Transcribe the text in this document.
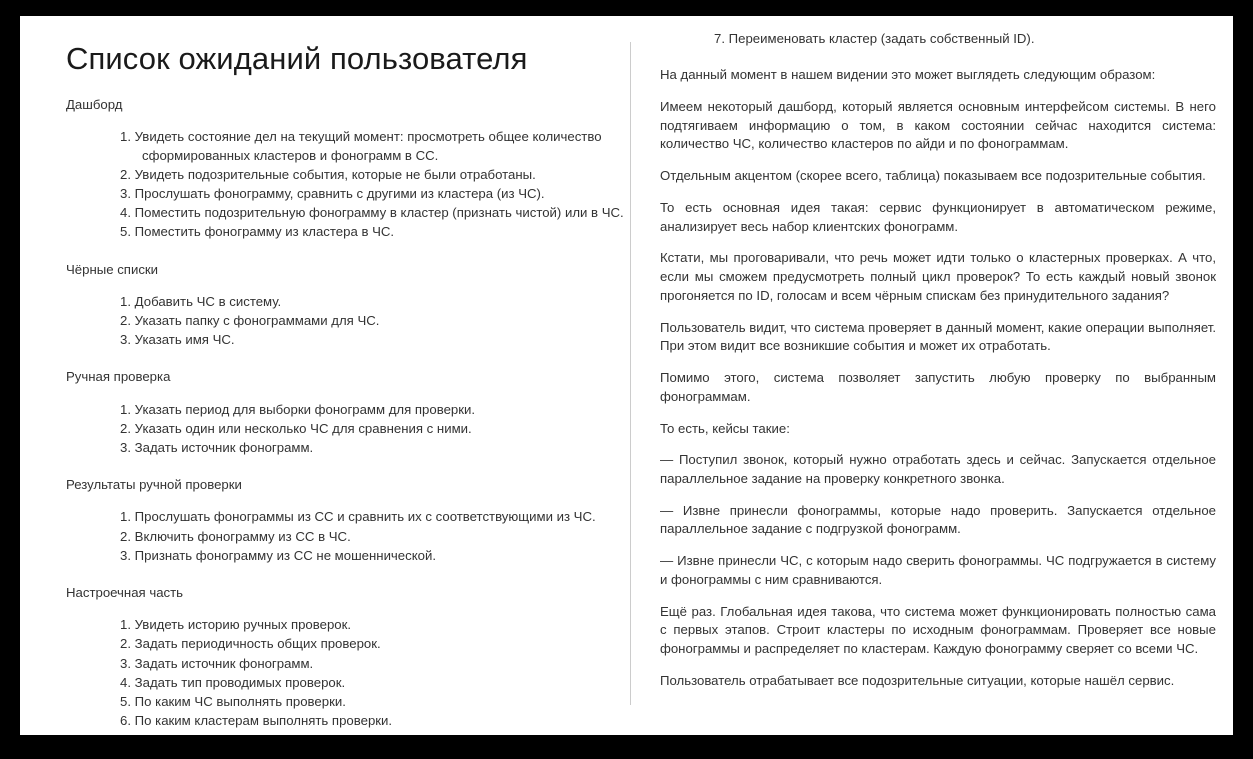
Список ожиданий пользователя
Дашборд
1. Увидеть состояние дел на текущий момент: просмотреть общее количество сформированных кластеров и фонограмм в СС.
2. Увидеть подозрительные события, которые не были отработаны.
3. Прослушать фонограмму, сравнить с другими из кластера (из ЧС).
4. Поместить подозрительную фонограмму в кластер (признать чистой) или в ЧС.
5. Поместить фонограмму из кластера в ЧС.
Чёрные списки
1. Добавить ЧС в систему.
2. Указать папку с фонограммами для ЧС.
3. Указать имя ЧС.
Ручная проверка
1. Указать период для выборки фонограмм для проверки.
2. Указать один или несколько ЧС для сравнения с ними.
3. Задать источник фонограмм.
Результаты ручной проверки
1. Прослушать фонограммы из СС и сравнить их с соответствующими из ЧС.
2. Включить фонограмму из СС в ЧС.
3. Признать фонограмму из СС не мошеннической.
Настроечная часть
1. Увидеть историю ручных проверок.
2. Задать периодичность общих проверок.
3. Задать источник фонограмм.
4. Задать тип проводимых проверок.
5. По каким ЧС выполнять проверки.
6. По каким кластерам выполнять проверки.
7. Переименовать кластер (задать собственный ID).

На данный момент в нашем видении это может выглядеть следующим образом:

Имеем некоторый дашборд, который является основным интерфейсом системы. В него подтягиваем информацию о том, в каком состоянии сейчас находится система: количество ЧС, количество кластеров по айди и по фонограммам.

Отдельным акцентом (скорее всего, таблица) показываем все подозрительные события.

То есть основная идея такая: сервис функционирует в автоматическом режиме, анализирует весь набор клиентских фонограмм.

Кстати, мы проговаривали, что речь может идти только о кластерных проверках. А что, если мы сможем предусмотреть полный цикл проверок? То есть каждый новый звонок прогоняется по ID, голосам и всем чёрным спискам без принудительного задания?

Пользователь видит, что система проверяет в данный момент, какие операции выполняет. При этом видит все возникшие события и может их отработать.

Помимо этого, система позволяет запустить любую проверку по выбранным фонограммам.

То есть, кейсы такие:

— Поступил звонок, который нужно отработать здесь и сейчас. Запускается отдельное параллельное задание на проверку конкретного звонка.

— Извне принесли фонограммы, которые надо проверить. Запускается отдельное параллельное задание с подгрузкой фонограмм.

— Извне принесли ЧС, с которым надо сверить фонограммы. ЧС подгружается в систему и фонограммы с ним сравниваются.

Ещё раз. Глобальная идея такова, что система может функционировать полностью сама с первых этапов. Строит кластеры по исходным фонограммам. Проверяет все новые фонограммы и распределяет по кластерам. Каждую фонограмму сверяет со всеми ЧС.

Пользователь отрабатывает все подозрительные ситуации, которые нашёл сервис.
